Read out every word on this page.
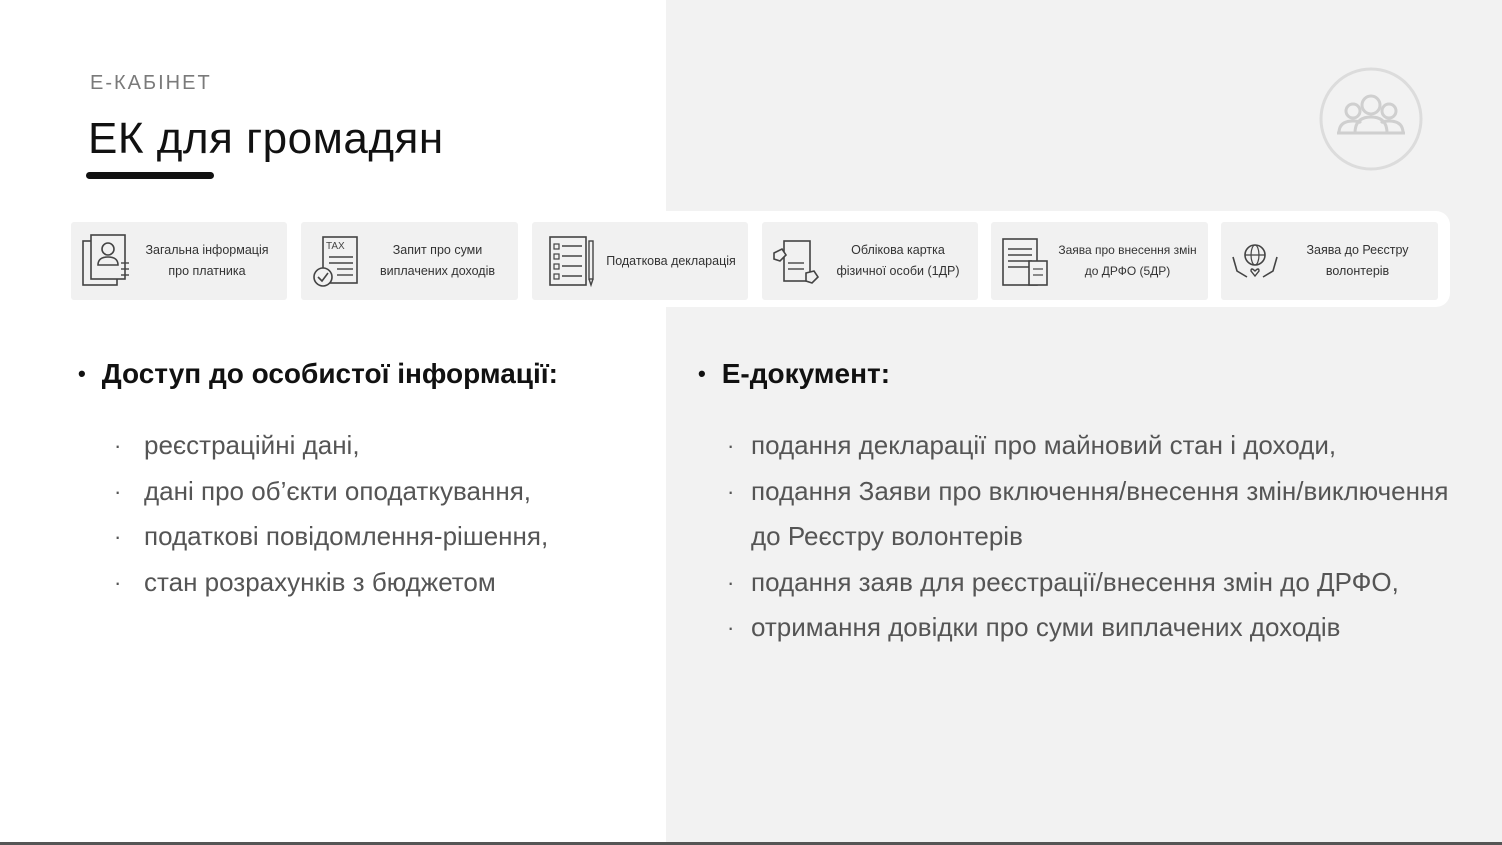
Е-КАБІНЕТ
ЕК для громадян
Загальна інформація
про платника
TAX	Запит про суми
виплачених доходів
Податкова декларація
Облікова картка
фізичної особи (1ДР)
Заява про внесення змін
до ДРФО (5ДР)
Заява до Реєстру
волонтерів
• Доступ до особистої інформації:
· реєстраційні дані,
· дані про об’єкти оподаткування,
· податкові повідомлення-рішення,
· стан розрахунків з бюджетом
• Е-документ:
· подання декларації про майновий стан і доходи,
· подання Заяви про включення/внесення змін/виключення до Реєстру волонтерів
· подання заяв для реєстрації/внесення змін до ДРФО,
· отримання довідки про суми виплачених доходів
